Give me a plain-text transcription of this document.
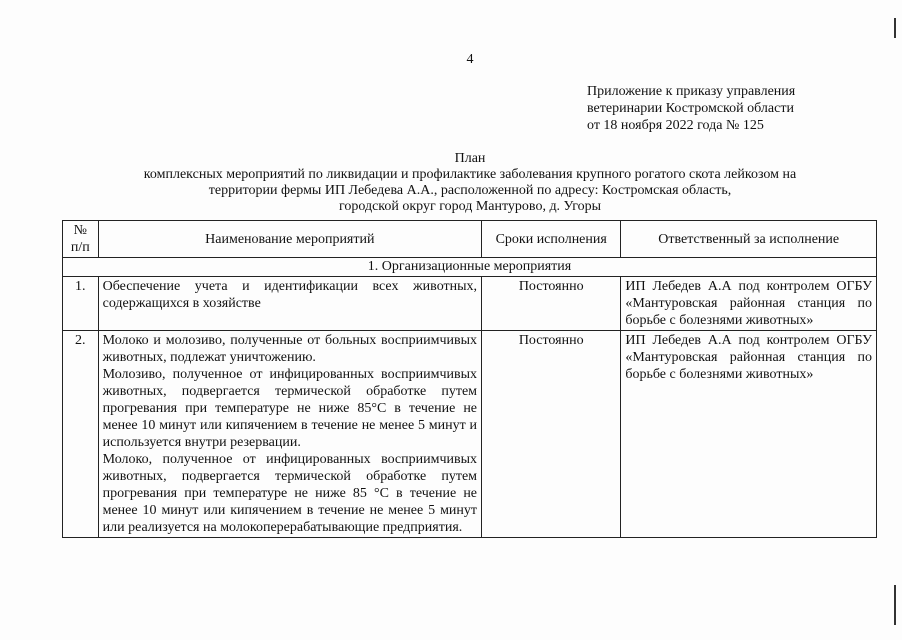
4
Приложение к приказу управления
ветеринарии Костромской области
от 18 ноября 2022 года № 125
План
комплексных мероприятий по ликвидации и профилактике заболевания крупного рогатого скота лейкозом на
территории фермы ИП Лебедева А.А., расположенной по адресу: Костромская область,
городской округ город Мантурово, д. Угоры
№
п/п	Наименование мероприятий	Сроки исполнения	Ответственный за исполнение
1. Организационные мероприятия			
1.	Обеспечение учета и идентификации всех животных, содержащихся в хозяйстве	Постоянно	ИП Лебедев А.А под контролем ОГБУ «Мантуровская районная станция по борьбе с болезнями животных»
2.	Молоко и молозиво, полученные от больных восприимчивых животных, подлежат уничтожению.
Молозиво, полученное от инфицированных восприимчивых животных, подвергается термической обработке путем прогревания при температуре не ниже 85°С в течение не менее 10 минут или кипячением в течение не менее 5 минут и используется внутри резервации.
Молоко, полученное от инфицированных восприимчивых животных, подвергается термической обработке путем прогревания при температуре не ниже 85 °С в течение не менее 10 минут или кипячением в течение не менее 5 минут или реализуется на молокоперерабатывающие предприятия.	Постоянно	ИП Лебедев А.А под контролем ОГБУ «Мантуровская районная станция по борьбе с болезнями животных»
